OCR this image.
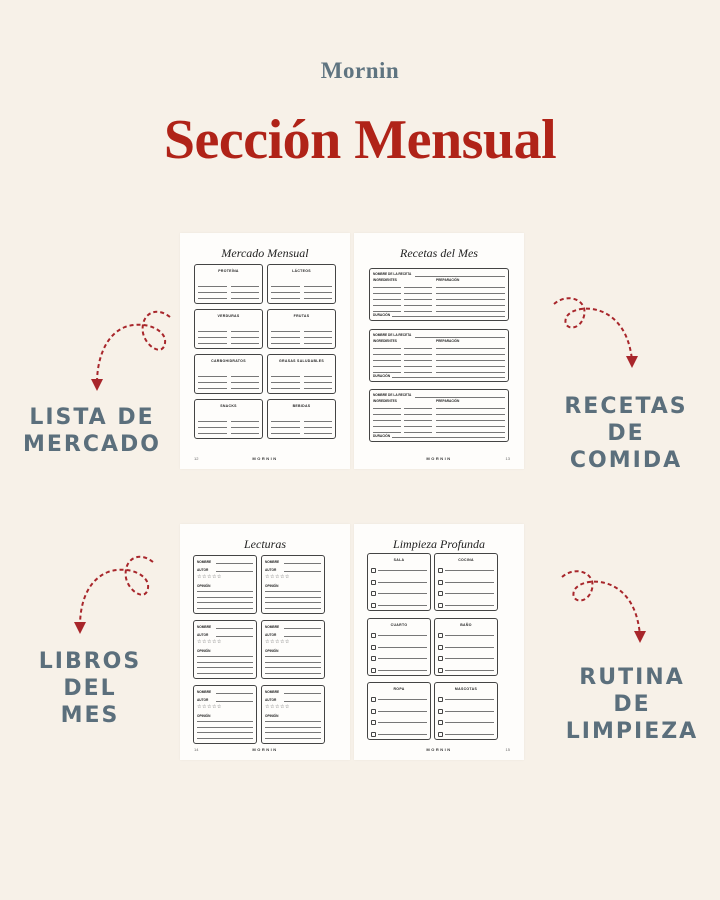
Mornin
Sección Mensual
Mercado Mensual
PROTEÍNA	LÁCTEOS
VERDURAS	FRUTAS
CARBOHIDRATOS	GRASAS SALUDABLES
SNACKS	BEBIDAS
12	MORNIN
Recetas del Mes
NOMBRE DE LA RECETA
INGREDIENTES	PREPARACIÓN
DURACIÓN
NOMBRE DE LA RECETA
INGREDIENTES	PREPARACIÓN
DURACIÓN
NOMBRE DE LA RECETA
INGREDIENTES	PREPARACIÓN
DURACIÓN
13
MORNIN
Lecturas
NOMBRE
AUTOR
☆☆☆☆☆
OPINIÓN
NOMBRE
AUTOR
☆☆☆☆☆
OPINIÓN
NOMBRE
AUTOR
☆☆☆☆☆
OPINIÓN
NOMBRE
AUTOR
☆☆☆☆☆
OPINIÓN
NOMBRE
AUTOR
☆☆☆☆☆
OPINIÓN
NOMBRE
AUTOR
☆☆☆☆☆
OPINIÓN
14	MORNIN
Limpieza Profunda
SALA	COCINA
CUARTO	BAÑO
ROPA	MASCOTAS
15
MORNIN
LISTA DE
MERCADO
RECETAS DE
COMIDA
LIBROS DEL
MES
RUTINA DE
LIMPIEZA
